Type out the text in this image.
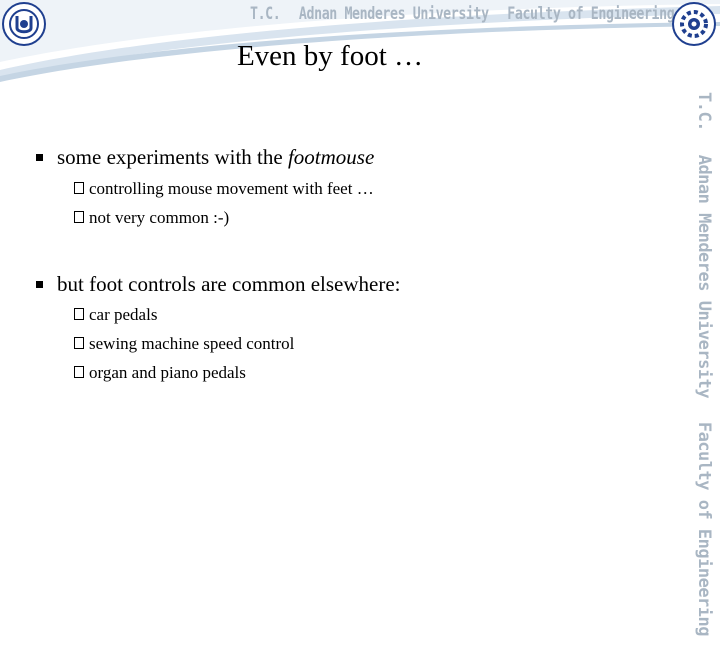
T.C. Adnan Menderes University Faculty of Engineering
Even by foot …
T.C. Adnan Menderes University Faculty of Engineering
some experiments with the footmouse
controlling mouse movement with feet …
not very common :-)
but foot controls are common elsewhere:
car pedals
sewing machine speed control
organ and piano pedals
